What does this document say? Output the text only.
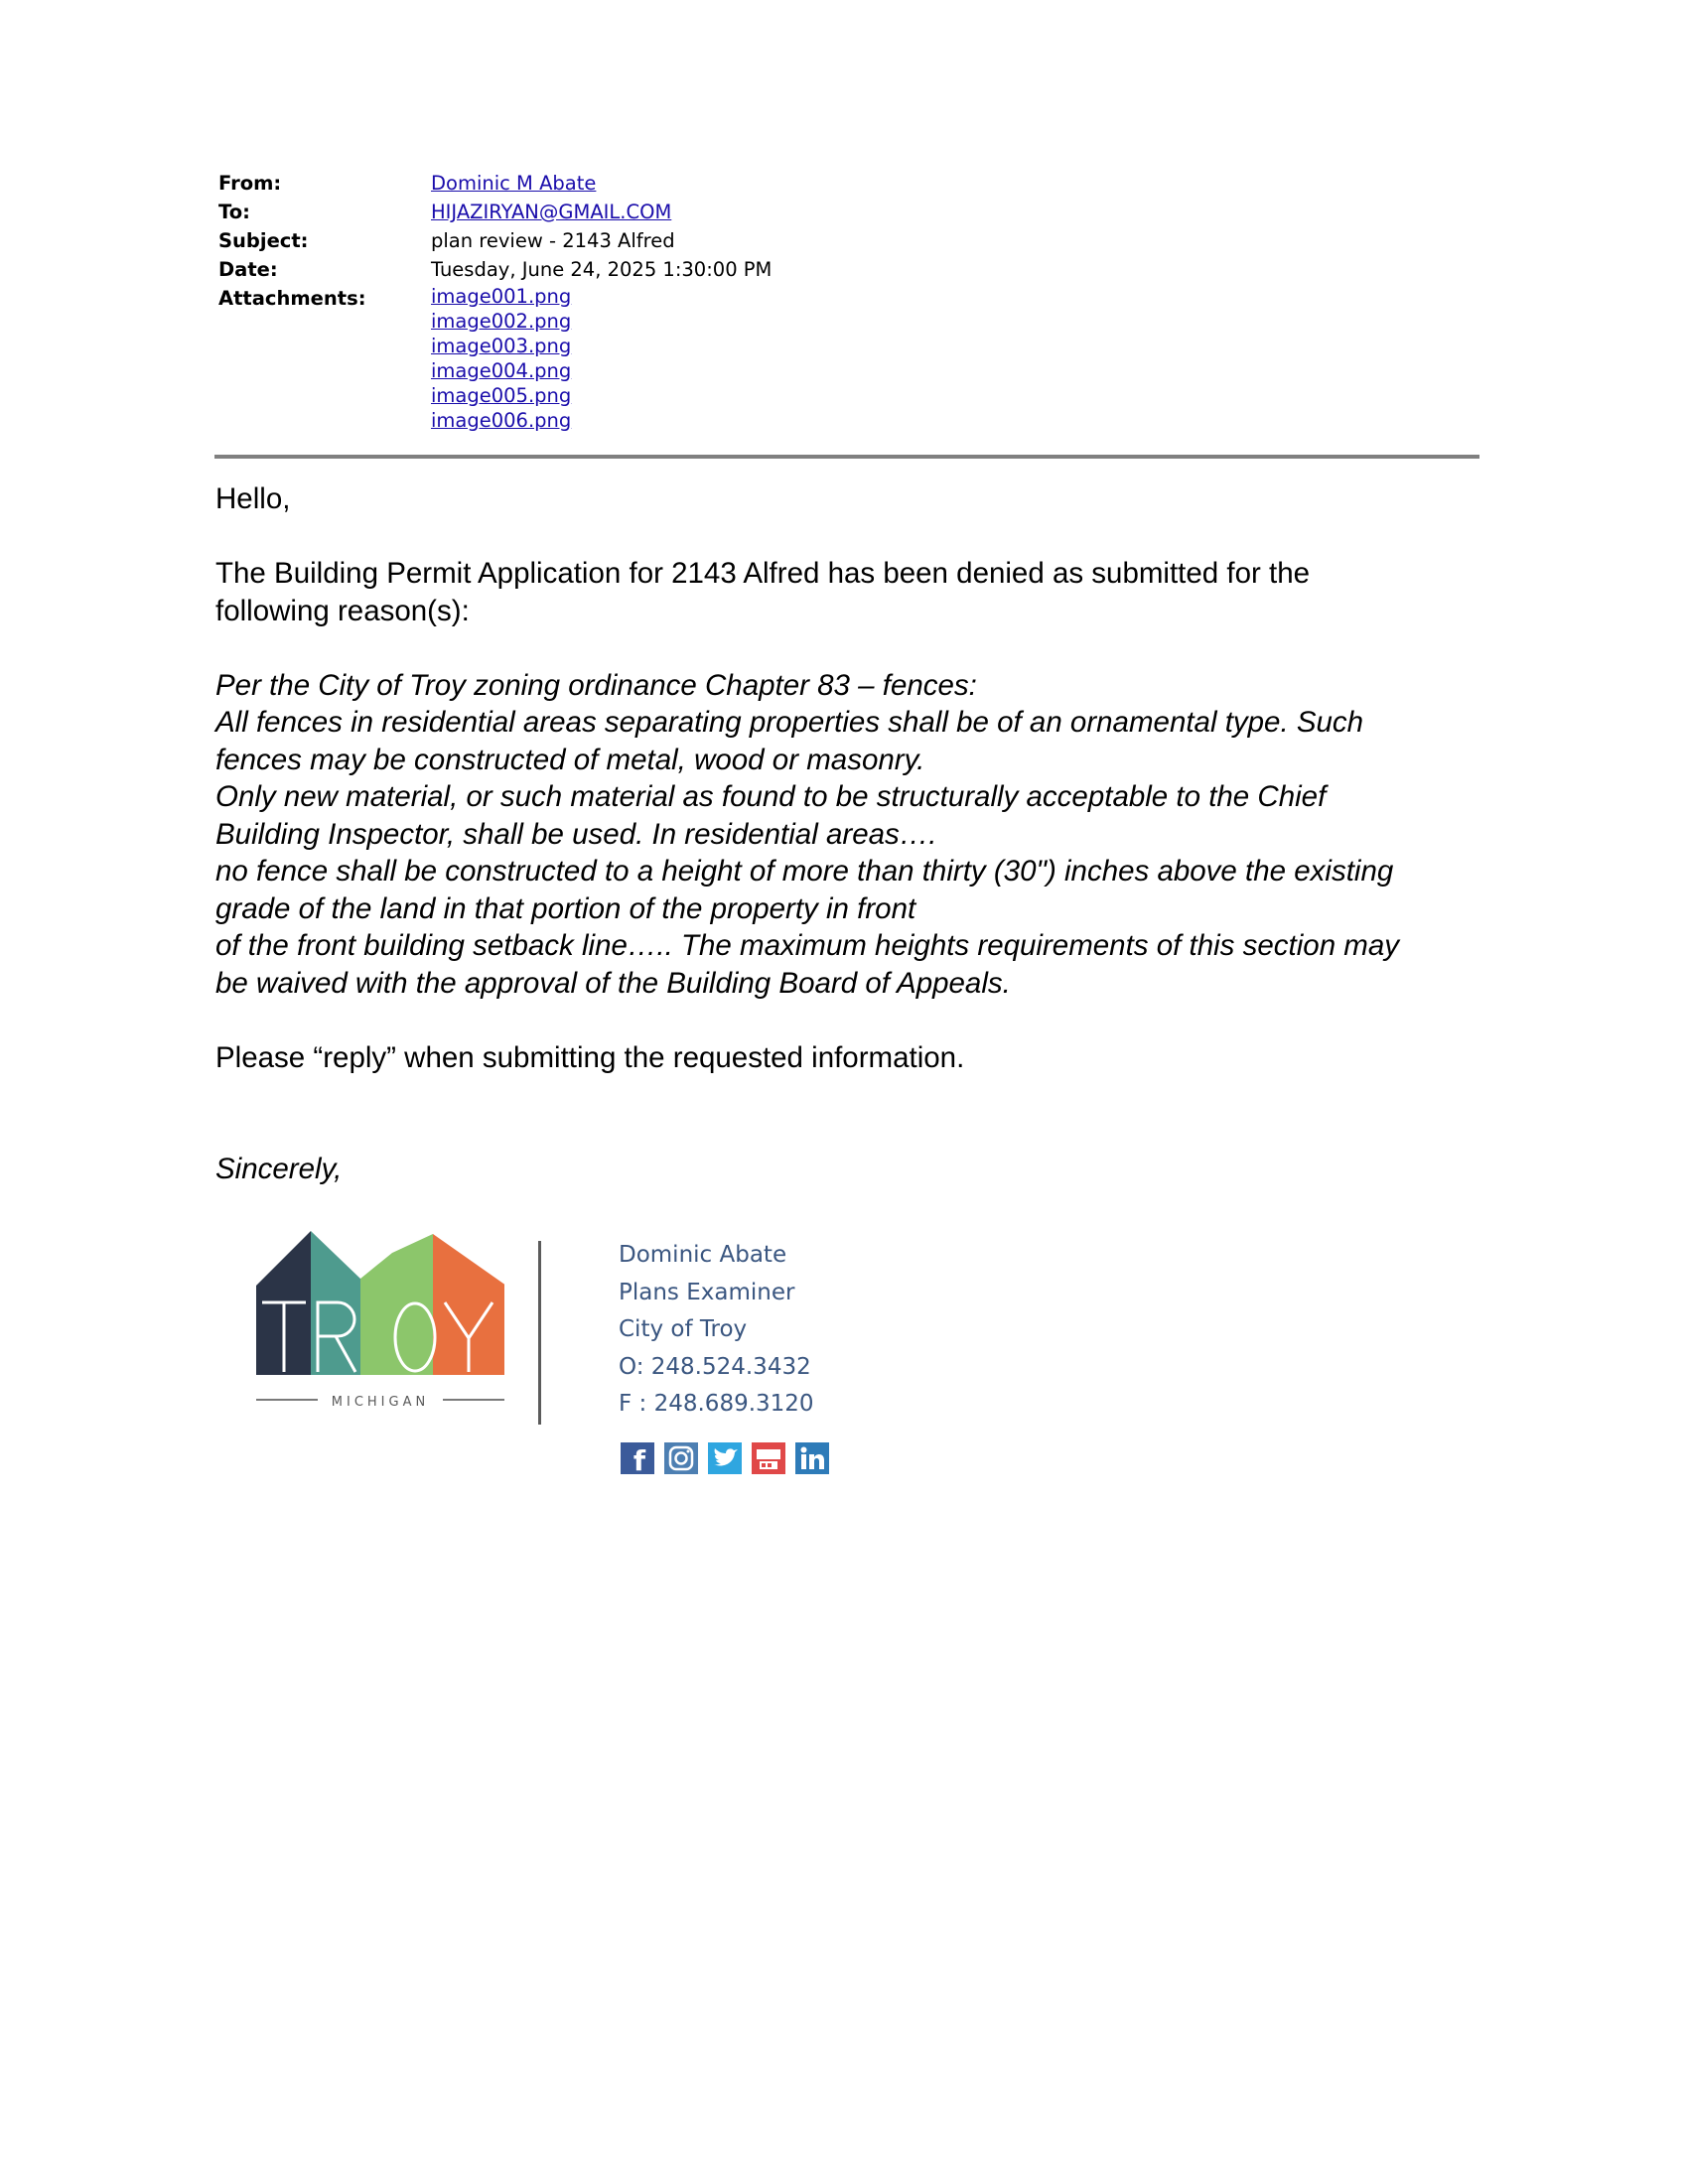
From:	Dominic M Abate
To:	HIJAZIRYAN@GMAIL.COM
Subject:	plan review - 2143 Alfred
Date:	Tuesday, June 24, 2025 1:30:00 PM
Attachments:	image001.png
image002.png
image003.png
image004.png
image005.png
image006.png

Hello,

The Building Permit Application for 2143 Alfred has been denied as submitted for the

following reason(s):

Per the City of Troy zoning ordinance Chapter 83 – fences:

All fences in residential areas separating properties shall be of an ornamental type. Such

fences may be constructed of metal, wood or masonry.

Only new material, or such material as found to be structurally acceptable to the Chief

Building Inspector, shall be used. In residential areas….

no fence shall be constructed to a height of more than thirty (30") inches above the existing

grade of the land in that portion of the property in front

of the front building setback line….. The maximum heights requirements of this section may

be waived with the approval of the Building Board of Appeals.

Please “reply” when submitting the requested information.

Sincerely,

MICHIGAN
Dominic Abate
Plans Examiner
City of Troy
O: 248.524.3432
F : 248.689.3120
f
